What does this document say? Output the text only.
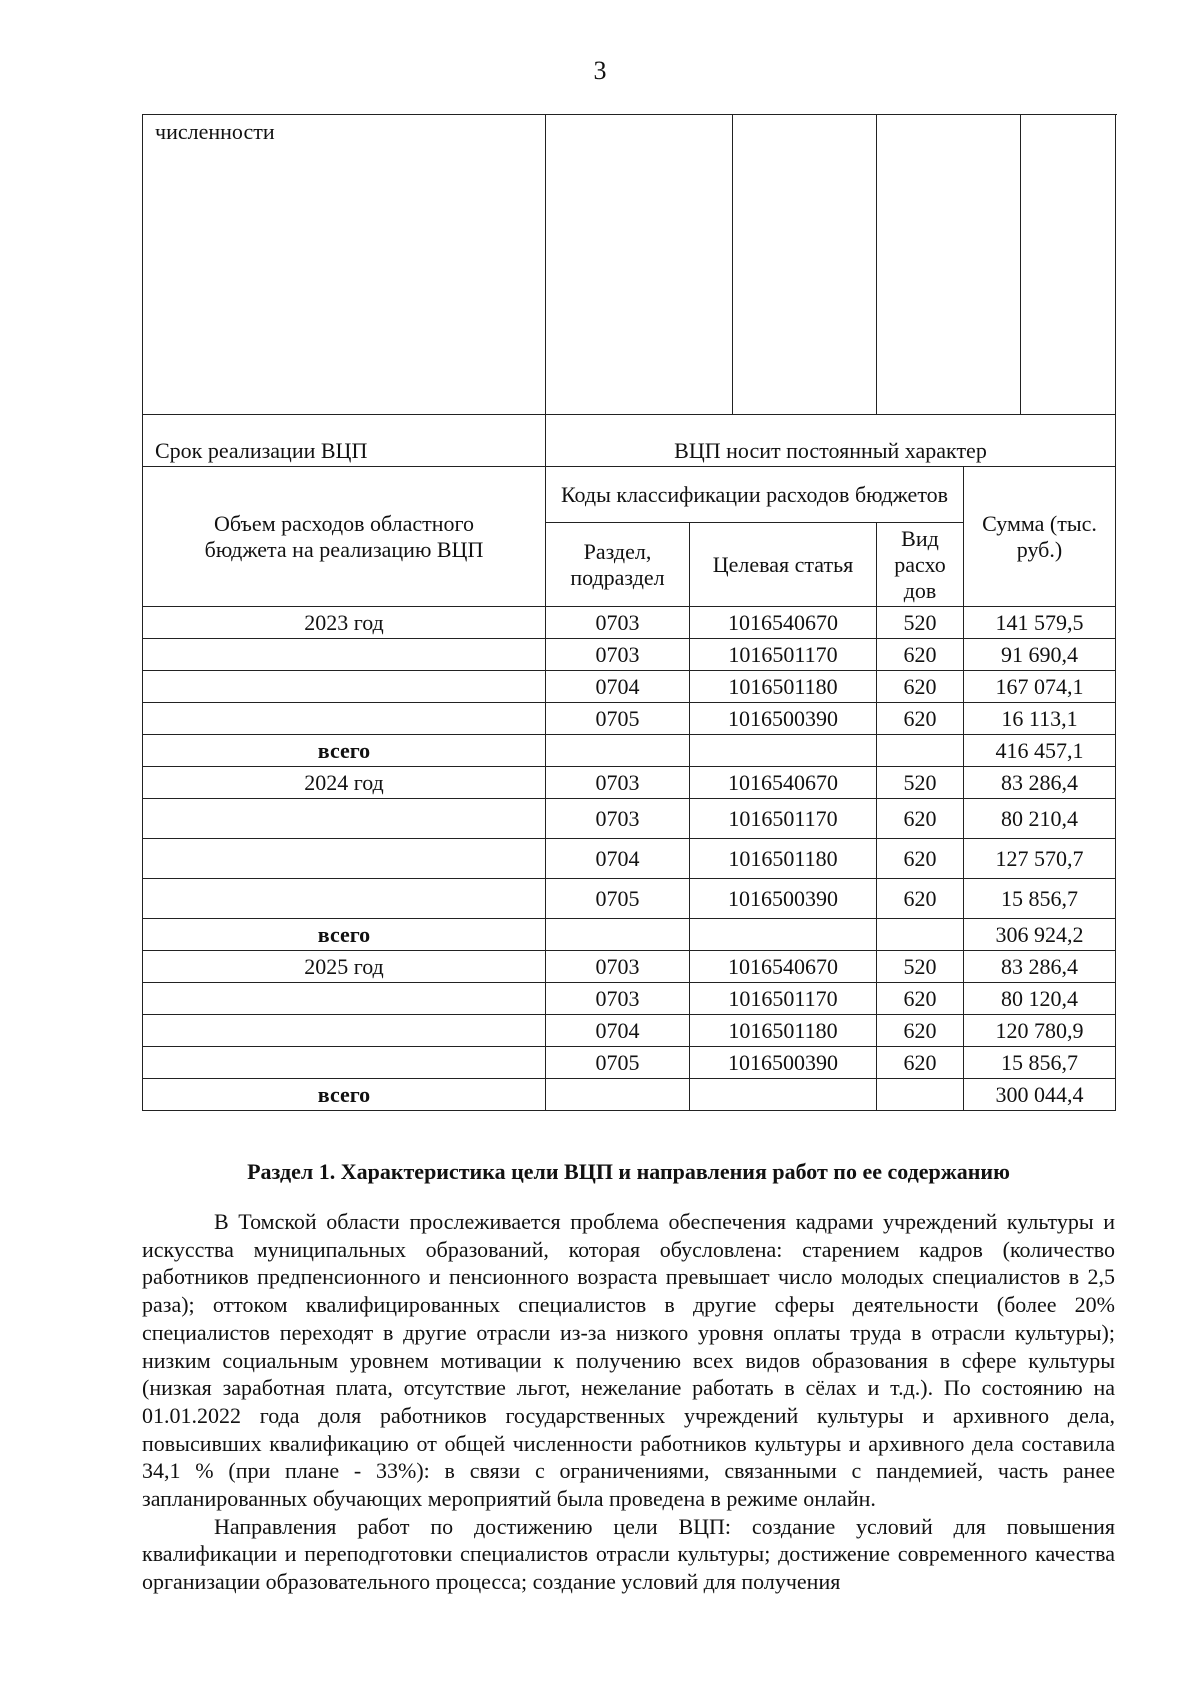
3
численности				

Срок реализации ВЦП	ВЦП носит постоянный характер			
Объем расходов областного бюджета на реализацию ВЦП	Коды классификации расходов бюджетов			Сумма (тыс. руб.)
	Раздел, подраздел	Целевая статья	Вид
расхо
дов	

2023 год	0703	1016540670	520	141 579,5
	0703	1016501170	620	91 690,4
	0704	1016501180	620	167 074,1
	0705	1016500390	620	16 113,1
всего				416 457,1
2024 год	0703	1016540670	520	83 286,4
	0703	1016501170	620	80 210,4
	0704	1016501180	620	127 570,7
	0705	1016500390	620	15 856,7
всего				306 924,2
2025 год	0703	1016540670	520	83 286,4
	0703	1016501170	620	80 120,4
	0704	1016501180	620	120 780,9
	0705	1016500390	620	15 856,7
всего				300 044,4
Раздел 1. Характеристика цели ВЦП и направления работ по ее содержанию

В Томской области прослеживается проблема обеспечения кадрами учреждений культуры и искусства муниципальных образований, которая обусловлена: старением кадров (количество работников предпенсионного и пенсионного возраста превышает число молодых специалистов в 2,5 раза); оттоком квалифицированных специалистов в другие сферы деятельности (более 20% специалистов переходят в другие отрасли из-за низкого уровня оплаты труда в отрасли культуры); низким социальным уровнем мотивации к получению всех видов образования в сфере культуры (низкая заработная плата, отсутствие льгот, нежелание работать в сёлах и т.д.). По состоянию на 01.01.2022 года доля работников государственных учреждений культуры и архивного дела, повысивших квалификацию от общей численности работников культуры и архивного дела составила 34,1 % (при плане - 33%): в связи с ограничениями, связанными с пандемией, часть ранее запланированных обучающих мероприятий была проведена в режиме онлайн.

Направления работ по достижению цели ВЦП: создание условий для повышения квалификации и переподготовки специалистов отрасли культуры; достижение современного качества организации образовательного процесса; создание условий для получения
